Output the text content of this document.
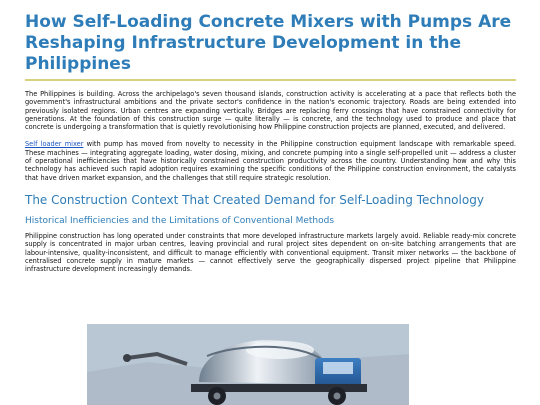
How Self-Loading Concrete Mixers with Pumps Are Reshaping Infrastructure Development in the Philippines

The Philippines is building. Across the archipelago's seven thousand islands, construction activity is accelerating at a pace that reflects both the government's infrastructural ambitions and the private sector's confidence in the nation's economic trajectory. Roads are being extended into previously isolated regions. Urban centres are expanding vertically. Bridges are replacing ferry crossings that have constrained connectivity for generations. At the foundation of this construction surge — quite literally — is concrete, and the technology used to produce and place that concrete is undergoing a transformation that is quietly revolutionising how Philippine construction projects are planned, executed, and delivered.

Self loader mixer with pump has moved from novelty to necessity in the Philippine construction equipment landscape with remarkable speed. These machines — integrating aggregate loading, water dosing, mixing, and concrete pumping into a single self-propelled unit — address a cluster of operational inefficiencies that have historically constrained construction productivity across the country. Understanding how and why this technology has achieved such rapid adoption requires examining the specific conditions of the Philippine construction environment, the catalysts that have driven market expansion, and the challenges that still require strategic resolution.

The Construction Context That Created Demand for Self-Loading Technology
Historical Inefficiencies and the Limitations of Conventional Methods

Philippine construction has long operated under constraints that more developed infrastructure markets largely avoid. Reliable ready-mix concrete supply is concentrated in major urban centres, leaving provincial and rural project sites dependent on on-site batching arrangements that are labour-intensive, quality-inconsistent, and difficult to manage efficiently with conventional equipment. Transit mixer networks — the backbone of centralised concrete supply in mature markets — cannot effectively serve the geographically dispersed project pipeline that Philippine infrastructure development increasingly demands.
